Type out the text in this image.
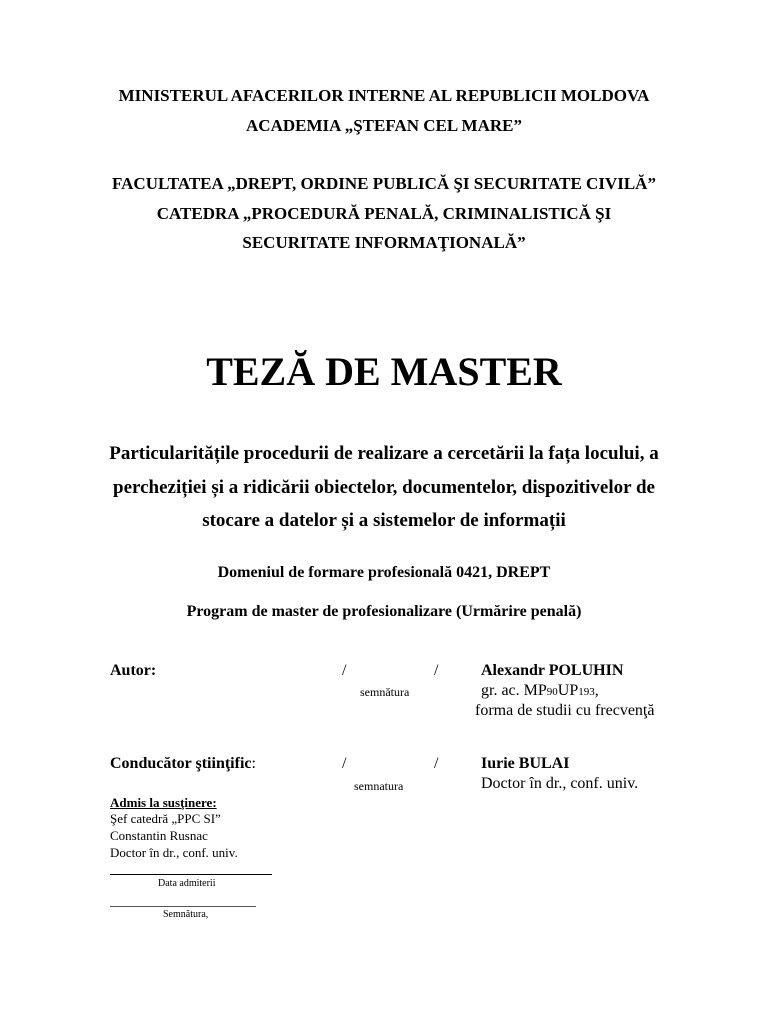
MINISTERUL AFACERILOR INTERNE AL REPUBLICII MOLDOVA
ACADEMIA „ŞTEFAN CEL MARE”
FACULTATEA „DREPT, ORDINE PUBLICĂ ŞI SECURITATE CIVILĂ”
CATEDRA „PROCEDURĂ PENALĂ, CRIMINALISTICĂ ŞI
SECURITATE INFORMAŢIONALĂ”
TEZĂ DE MASTER
Particularitățile procedurii de realizare a cercetării la fața locului, a
percheziției și a ridicării obiectelor, documentelor, dispozitivelor de
stocare a datelor și a sistemelor de informații
Domeniul de formare profesională 0421, DREPT
Program de master de profesionalizare (Urmărire penală)
Autor:	/	/
semnătura
Alexandr POLUHIN
gr. ac. MP90UP193,
forma de studii cu frecvenţă
Conducător ştiinţific:	/	/
semnatura
Iurie BULAI
Doctor în dr., conf. univ.
Admis la susţinere:
Şef catedră „PPC SI”
Constantin Rusnac
Doctor în dr., conf. univ.
Data admiterii
Semnătura,
